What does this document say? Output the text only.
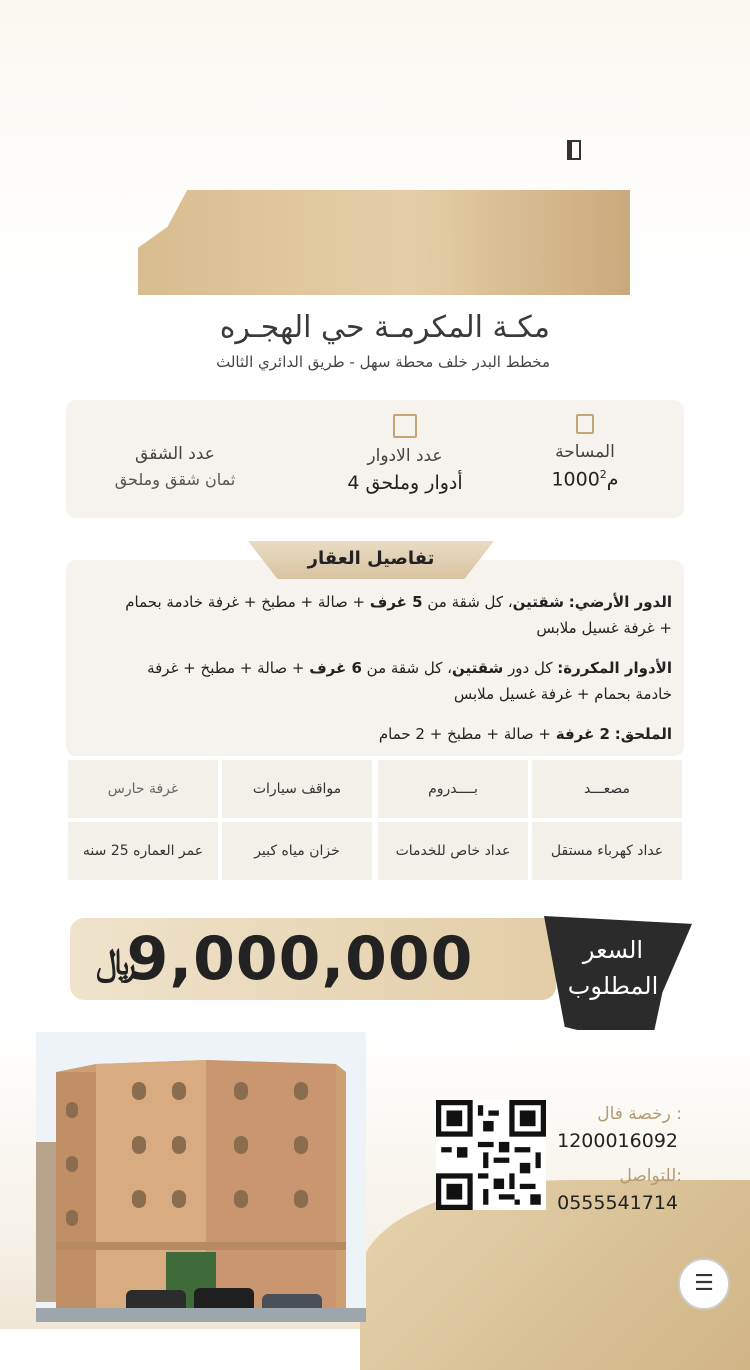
مكـة المكرمـة حي الهجـره
مخطط البدر خلف محطة سهل - طريق الدائري الثالث
المساحة
1000م$^2$
عدد الادوار
4 أدوار وملحق
عدد الشقق
ثمان شقق وملحق
تفاصيل العقار
الدور الأرضي: شقتين، كل شقة من 5 غرف + صالة + مطبخ + غرفة خادمة بحمام
+ غرفة غسيل ملابس
الأدوار المكررة: كل دور شقتين، كل شقة من 6 غرف + صالة + مطبخ + غرفة
خادمة بحمام + غرفة غسيل ملابس
الملحق: 2 غرفة + صالة + مطبخ + 2 حمام
مصعـــد
بــــدروم
مواقف سيارات
غرفة حارس
عداد كهرباء مستقل
عداد خاص للخدمات
خزان مياه كبير
عمر العماره 25 سنه
﷼
9,000,000	السعر
المطلوب
رخصة فال :
1200016092
للتواصل:
0555541714
☰
